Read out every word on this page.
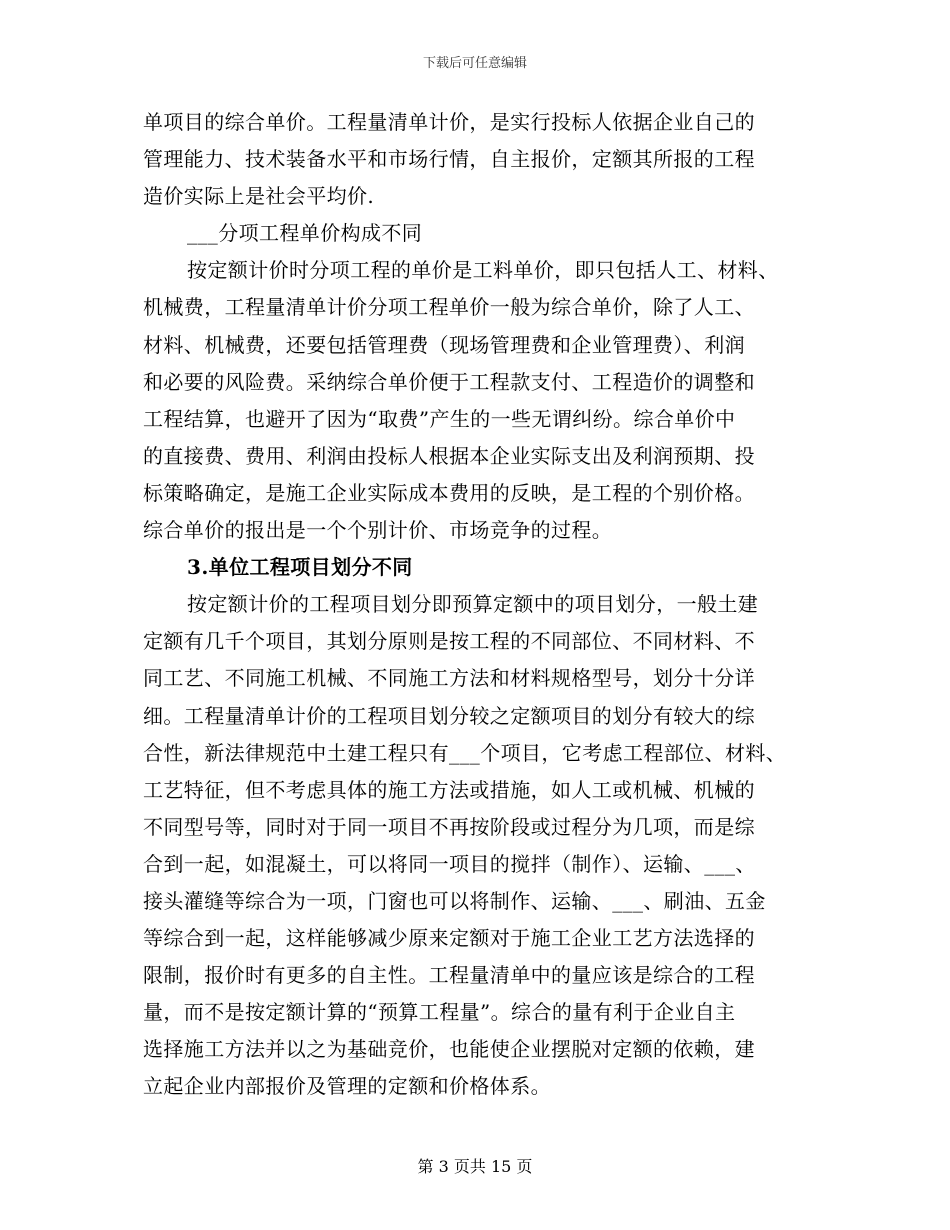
下载后可任意编辑
单项目的综合单价。工程量清单计价，是实行投标人依据企业自己的
管理能力、技术装备水平和市场行情，自主报价，定额其所报的工程
造价实际上是社会平均价.
___分项工程单价构成不同
按定额计价时分项工程的单价是工料单价，即只包括人工、材料、
机械费，工程量清单计价分项工程单价一般为综合单价，除了人工、
材料、机械费，还要包括管理费（现场管理费和企业管理费）、利润
和必要的风险费。采纳综合单价便于工程款支付、工程造价的调整和
工程结算，也避开了因为“取费”产生的一些无谓纠纷。综合单价中
的直接费、费用、利润由投标人根据本企业实际支出及利润预期、投
标策略确定，是施工企业实际成本费用的反映，是工程的个别价格。
综合单价的报出是一个个别计价、市场竞争的过程。
3.单位工程项目划分不同
按定额计价的工程项目划分即预算定额中的项目划分，一般土建
定额有几千个项目，其划分原则是按工程的不同部位、不同材料、不
同工艺、不同施工机械、不同施工方法和材料规格型号，划分十分详
细。工程量清单计价的工程项目划分较之定额项目的划分有较大的综
合性，新法律规范中土建工程只有___个项目，它考虑工程部位、材料、
工艺特征，但不考虑具体的施工方法或措施，如人工或机械、机械的
不同型号等，同时对于同一项目不再按阶段或过程分为几项，而是综
合到一起，如混凝土，可以将同一项目的搅拌（制作）、运输、___、
接头灌缝等综合为一项，门窗也可以将制作、运输、___、刷油、五金
等综合到一起，这样能够减少原来定额对于施工企业工艺方法选择的
限制，报价时有更多的自主性。工程量清单中的量应该是综合的工程
量，而不是按定额计算的“预算工程量”。综合的量有利于企业自主
选择施工方法并以之为基础竞价，也能使企业摆脱对定额的依赖，建
立起企业内部报价及管理的定额和价格体系。
第 3 页共 15 页
